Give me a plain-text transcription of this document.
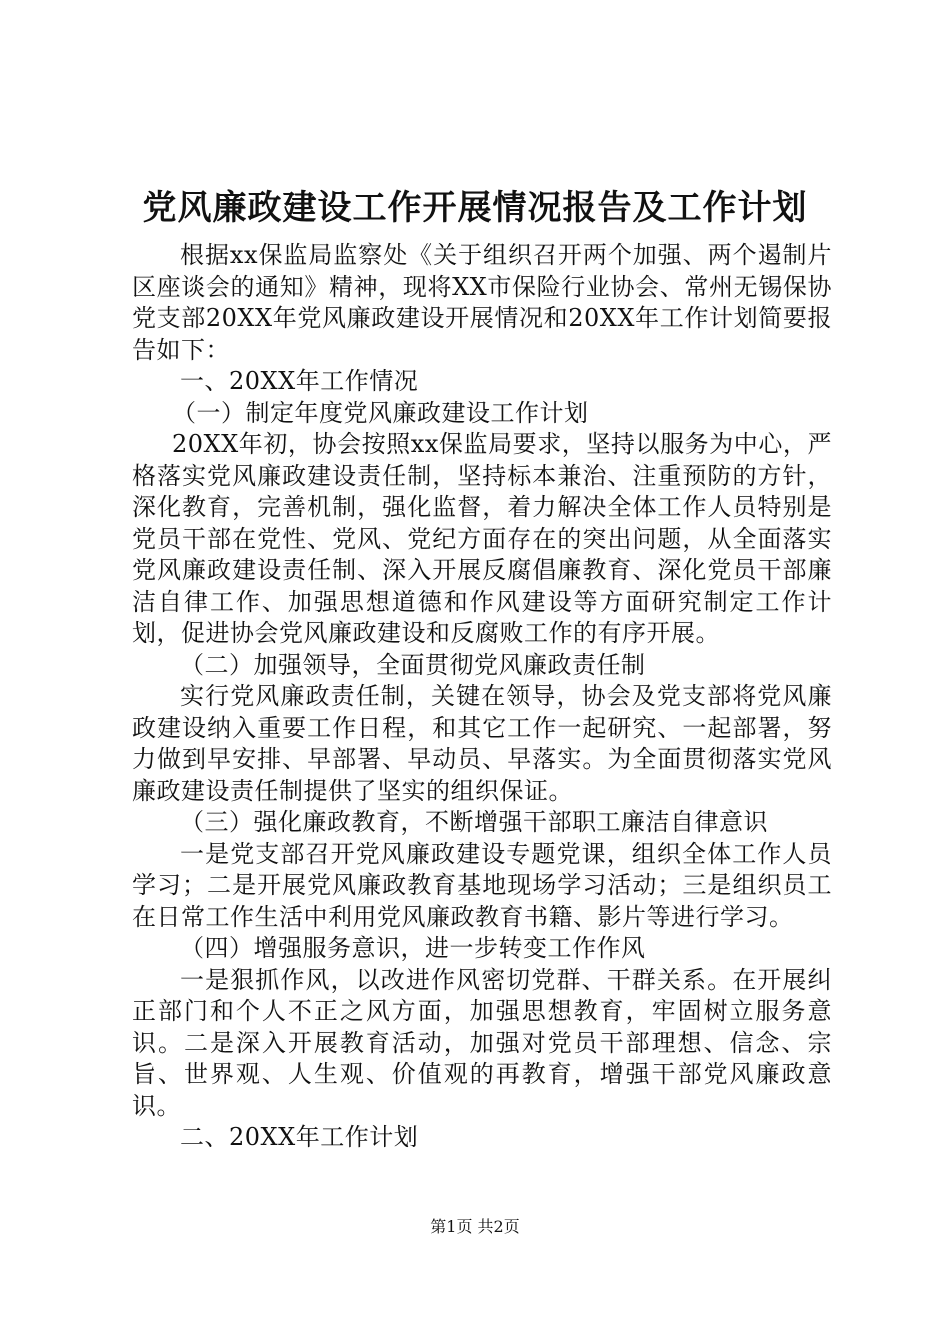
党风廉政建设工作开展情况报告及工作计划

根据xx保监局监察处《关于组织召开两个加强、两个遏制片区座谈会的通知》精神，现将XX市保险行业协会、常州无锡保协党支部20XX年党风廉政建设开展情况和20XX年工作计划简要报告如下：

一、20XX年工作情况

（一）制定年度党风廉政建设工作计划

20XX年初，协会按照xx保监局要求，坚持以服务为中心，严格落实党风廉政建设责任制，坚持标本兼治、注重预防的方针，深化教育，完善机制，强化监督，着力解决全体工作人员特别是党员干部在党性、党风、党纪方面存在的突出问题，从全面落实党风廉政建设责任制、深入开展反腐倡廉教育、深化党员干部廉洁自律工作、加强思想道德和作风建设等方面研究制定工作计划，促进协会党风廉政建设和反腐败工作的有序开展。

（二）加强领导，全面贯彻党风廉政责任制

实行党风廉政责任制，关键在领导，协会及党支部将党风廉政建设纳入重要工作日程，和其它工作一起研究、一起部署，努力做到早安排、早部署、早动员、早落实。为全面贯彻落实党风廉政建设责任制提供了坚实的组织保证。

（三）强化廉政教育，不断增强干部职工廉洁自律意识

一是党支部召开党风廉政建设专题党课，组织全体工作人员学习；二是开展党风廉政教育基地现场学习活动；三是组织员工在日常工作生活中利用党风廉政教育书籍、影片等进行学习。

（四）增强服务意识，进一步转变工作作风

一是狠抓作风，以改进作风密切党群、干群关系。在开展纠正部门和个人不正之风方面，加强思想教育，牢固树立服务意识。二是深入开展教育活动，加强对党员干部理想、信念、宗旨、世界观、人生观、价值观的再教育，增强干部党风廉政意识。

二、20XX年工作计划

第1页 共2页
